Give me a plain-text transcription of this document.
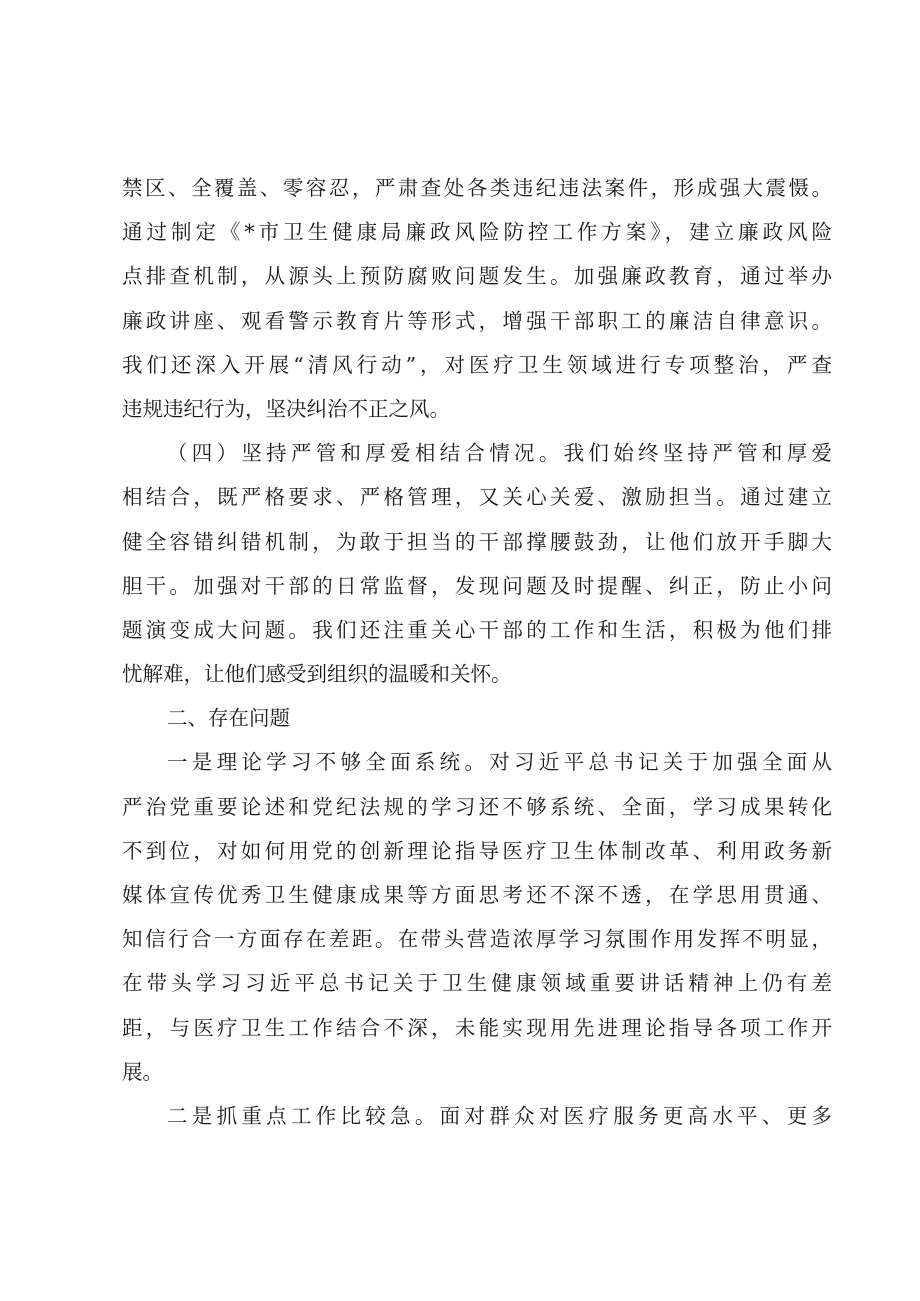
禁区、全覆盖、零容忍，严肃查处各类违纪违法案件，形成强大震慑。
通过制定《*市卫生健康局廉政风险防控工作方案》，建立廉政风险
点排查机制，从源头上预防腐败问题发生。加强廉政教育，通过举办
廉政讲座、观看警示教育片等形式，增强干部职工的廉洁自律意识。
我们还深入开展“清风行动”，对医疗卫生领域进行专项整治，严查
违规违纪行为，坚决纠治不正之风。
（四）坚持严管和厚爱相结合情况。我们始终坚持严管和厚爱
相结合，既严格要求、严格管理，又关心关爱、激励担当。通过建立
健全容错纠错机制，为敢于担当的干部撑腰鼓劲，让他们放开手脚大
胆干。加强对干部的日常监督，发现问题及时提醒、纠正，防止小问
题演变成大问题。我们还注重关心干部的工作和生活，积极为他们排
忧解难，让他们感受到组织的温暖和关怀。
二、存在问题
一是理论学习不够全面系统。对习近平总书记关于加强全面从
严治党重要论述和党纪法规的学习还不够系统、全面，学习成果转化
不到位，对如何用党的创新理论指导医疗卫生体制改革、利用政务新
媒体宣传优秀卫生健康成果等方面思考还不深不透，在学思用贯通、
知信行合一方面存在差距。在带头营造浓厚学习氛围作用发挥不明显，
在带头学习习近平总书记关于卫生健康领域重要讲话精神上仍有差
距，与医疗卫生工作结合不深，未能实现用先进理论指导各项工作开
展。
二是抓重点工作比较急。面对群众对医疗服务更高水平、更多
